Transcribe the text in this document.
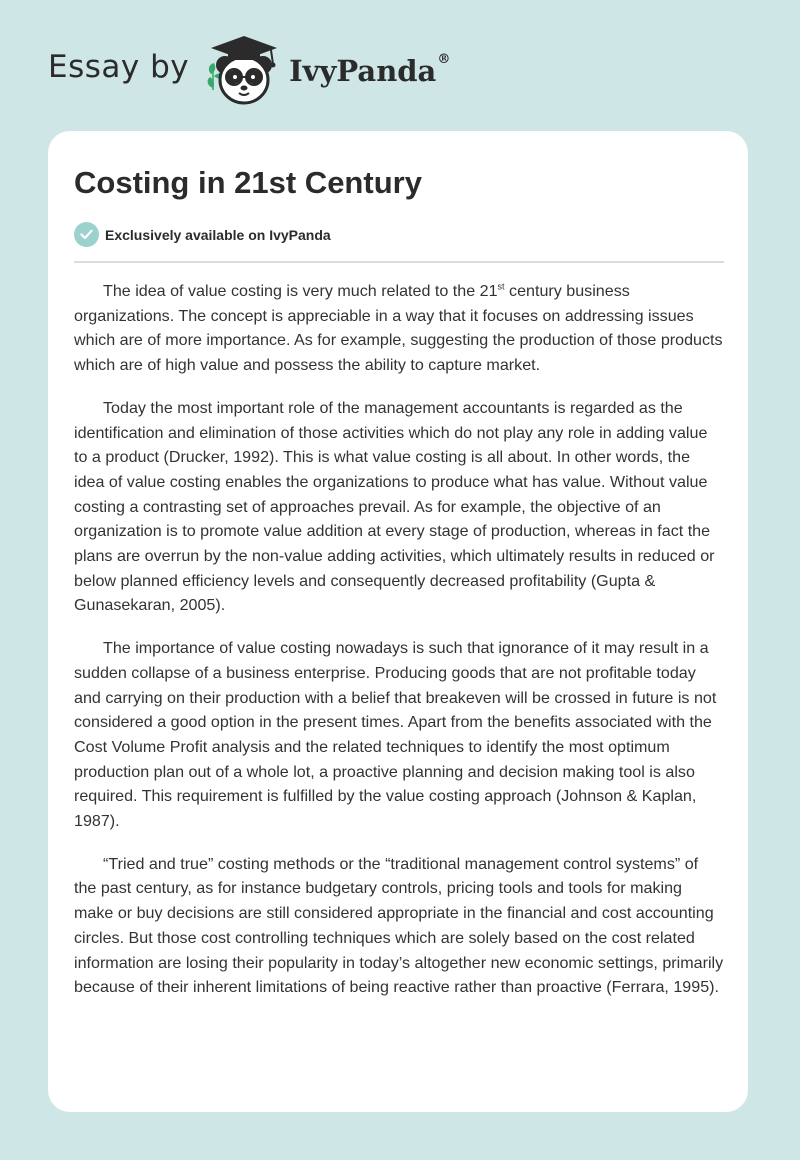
Essay by	IvyPanda®
Costing in 21st Century
Exclusively available on IvyPanda

The idea of value costing is very much related to the 21st century business organizations. The concept is appreciable in a way that it focuses on addressing issues which are of more importance. As for example, suggesting the production of those products which are of high value and possess the ability to capture market.

Today the most important role of the management accountants is regarded as the identification and elimination of those activities which do not play any role in adding value to a product (Drucker, 1992). This is what value costing is all about. In other words, the idea of value costing enables the organizations to produce what has value. Without value costing a contrasting set of approaches prevail. As for example, the objective of an organization is to promote value addition at every stage of production, whereas in fact the plans are overrun by the non-value adding activities, which ultimately results in reduced or below planned efficiency levels and consequently decreased profitability (Gupta & Gunasekaran, 2005).

The importance of value costing nowadays is such that ignorance of it may result in a sudden collapse of a business enterprise. Producing goods that are not profitable today and carrying on their production with a belief that breakeven will be crossed in future is not considered a good option in the present times. Apart from the benefits associated with the Cost Volume Profit analysis and the related techniques to identify the most optimum production plan out of a whole lot, a proactive planning and decision making tool is also required. This requirement is fulfilled by the value costing approach (Johnson & Kaplan, 1987).

“Tried and true” costing methods or the “traditional management control systems” of the past century, as for instance budgetary controls, pricing tools and tools for making make or buy decisions are still considered appropriate in the financial and cost accounting circles. But those cost controlling techniques which are solely based on the cost related information are losing their popularity in today’s altogether new economic settings, primarily because of their inherent limitations of being reactive rather than proactive (Ferrara, 1995).
